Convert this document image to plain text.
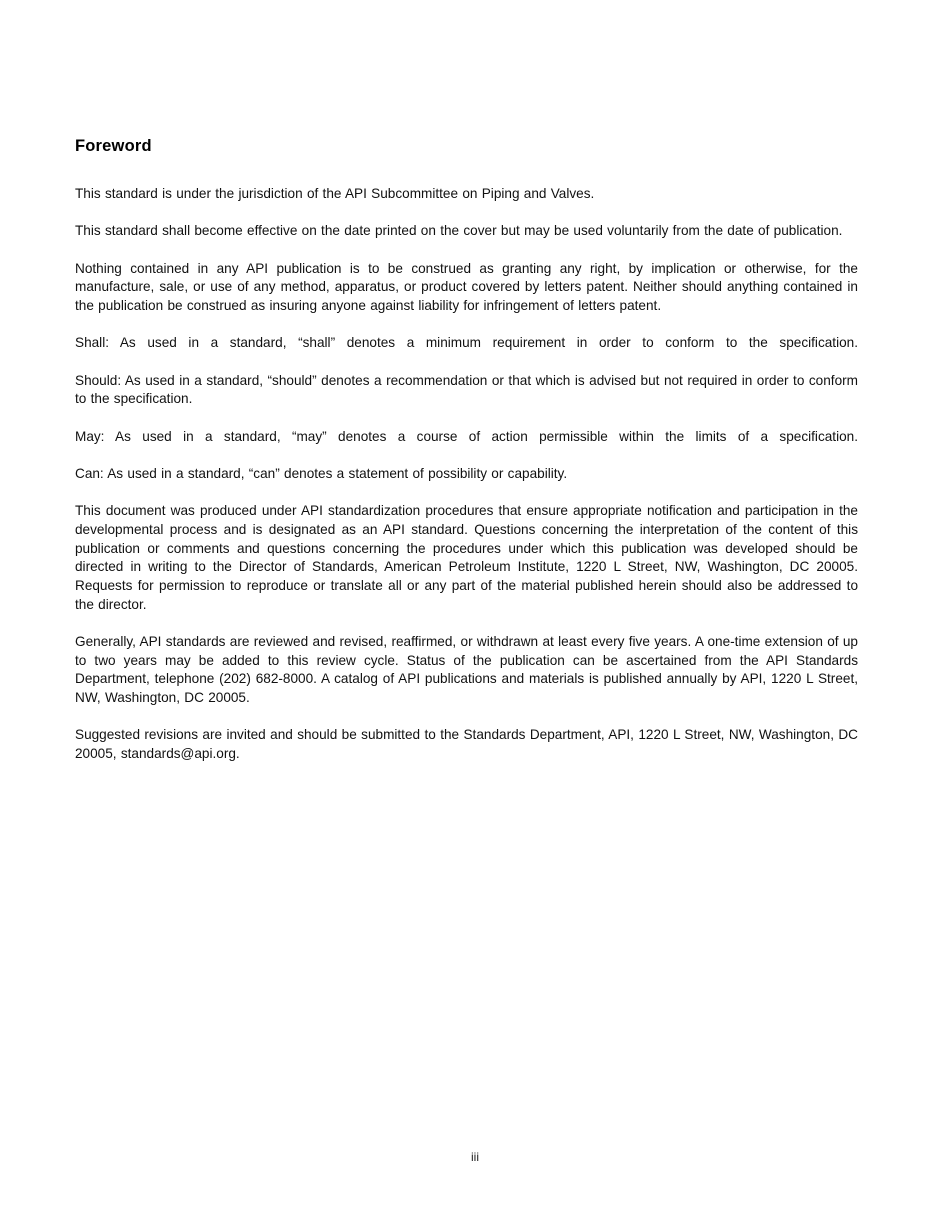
Foreword

This standard is under the jurisdiction of the API Subcommittee on Piping and Valves.

This standard shall become effective on the date printed on the cover but may be used voluntarily from the date of publication.

Nothing contained in any API publication is to be construed as granting any right, by implication or otherwise, for the manufacture, sale, or use of any method, apparatus, or product covered by letters patent. Neither should anything contained in the publication be construed as insuring anyone against liability for infringement of letters patent.

Shall: As used in a standard, “shall” denotes a minimum requirement in order to conform to the specification.

Should: As used in a standard, “should” denotes a recommendation or that which is advised but not required in order to conform to the specification.

May: As used in a standard, “may” denotes a course of action permissible within the limits of a specification.

Can: As used in a standard, “can” denotes a statement of possibility or capability.

This document was produced under API standardization procedures that ensure appropriate notification and participation in the developmental process and is designated as an API standard. Questions concerning the interpretation of the content of this publication or comments and questions concerning the procedures under which this publication was developed should be directed in writing to the Director of Standards, American Petroleum Institute, 1220 L Street, NW, Washington, DC 20005. Requests for permission to reproduce or translate all or any part of the material published herein should also be addressed to the director.

Generally, API standards are reviewed and revised, reaffirmed, or withdrawn at least every five years. A one-time extension of up to two years may be added to this review cycle. Status of the publication can be ascertained from the API Standards Department, telephone (202) 682-8000. A catalog of API publications and materials is published annually by API, 1220 L Street, NW, Washington, DC 20005.

Suggested revisions are invited and should be submitted to the Standards Department, API, 1220 L Street, NW, Washington, DC 20005, standards@api.org.

iii
